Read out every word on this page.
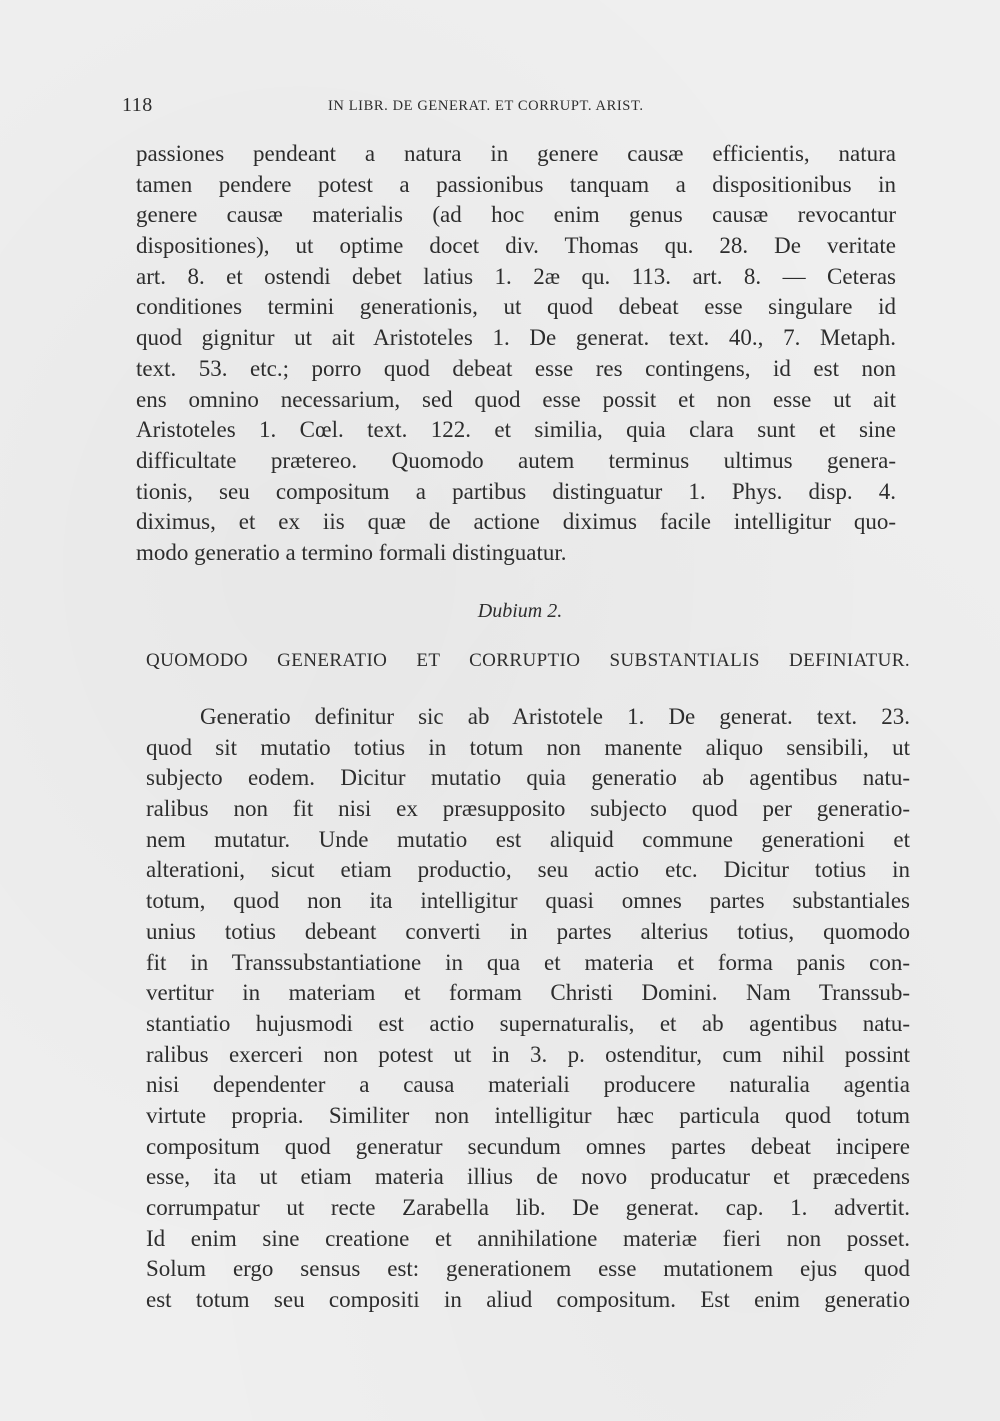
118	IN LIBR. DE GENERAT. ET CORRUPT. ARIST.
passiones pendeant a natura in genere causæ efficientis, natura
tamen pendere potest a passionibus tanquam a dispositionibus in
genere causæ materialis (ad hoc enim genus causæ revocantur
dispositiones), ut optime docet div. Thomas qu. 28. De veritate
art. 8. et ostendi debet latius 1. 2æ qu. 113. art. 8. — Ceteras
conditiones termini generationis, ut quod debeat esse singulare id
quod gignitur ut ait Aristoteles 1. De generat. text. 40., 7. Metaph.
text. 53. etc.; porro quod debeat esse res contingens, id est non
ens omnino necessarium, sed quod esse possit et non esse ut ait
Aristoteles 1. Cœl. text. 122. et similia, quia clara sunt et sine
difficultate prætereo. Quomodo autem terminus ultimus genera-
tionis, seu compositum a partibus distinguatur 1. Phys. disp. 4.
diximus, et ex iis quæ de actione diximus facile intelligitur quo-
modo generatio a termino formali distinguatur.
Dubium 2.
QUOMODO GENERATIO ET CORRUPTIO SUBSTANTIALIS DEFINIATUR.
Generatio definitur sic ab Aristotele 1. De generat. text. 23.
quod sit mutatio totius in totum non manente aliquo sensibili, ut
subjecto eodem. Dicitur mutatio quia generatio ab agentibus natu-
ralibus non fit nisi ex præsupposito subjecto quod per generatio-
nem mutatur. Unde mutatio est aliquid commune generationi et
alterationi, sicut etiam productio, seu actio etc. Dicitur totius in
totum, quod non ita intelligitur quasi omnes partes substantiales
unius totius debeant converti in partes alterius totius, quomodo
fit in Transsubstantiatione in qua et materia et forma panis con-
vertitur in materiam et formam Christi Domini. Nam Transsub-
stantiatio hujusmodi est actio supernaturalis, et ab agentibus natu-
ralibus exerceri non potest ut in 3. p. ostenditur, cum nihil possint
nisi dependenter a causa materiali producere naturalia agentia
virtute propria. Similiter non intelligitur hæc particula quod totum
compositum quod generatur secundum omnes partes debeat incipere
esse, ita ut etiam materia illius de novo producatur et præcedens
corrumpatur ut recte Zarabella lib. De generat. cap. 1. advertit.
Id enim sine creatione et annihilatione materiæ fieri non posset.
Solum ergo sensus est: generationem esse mutationem ejus quod
est totum seu compositi in aliud compositum. Est enim generatio
